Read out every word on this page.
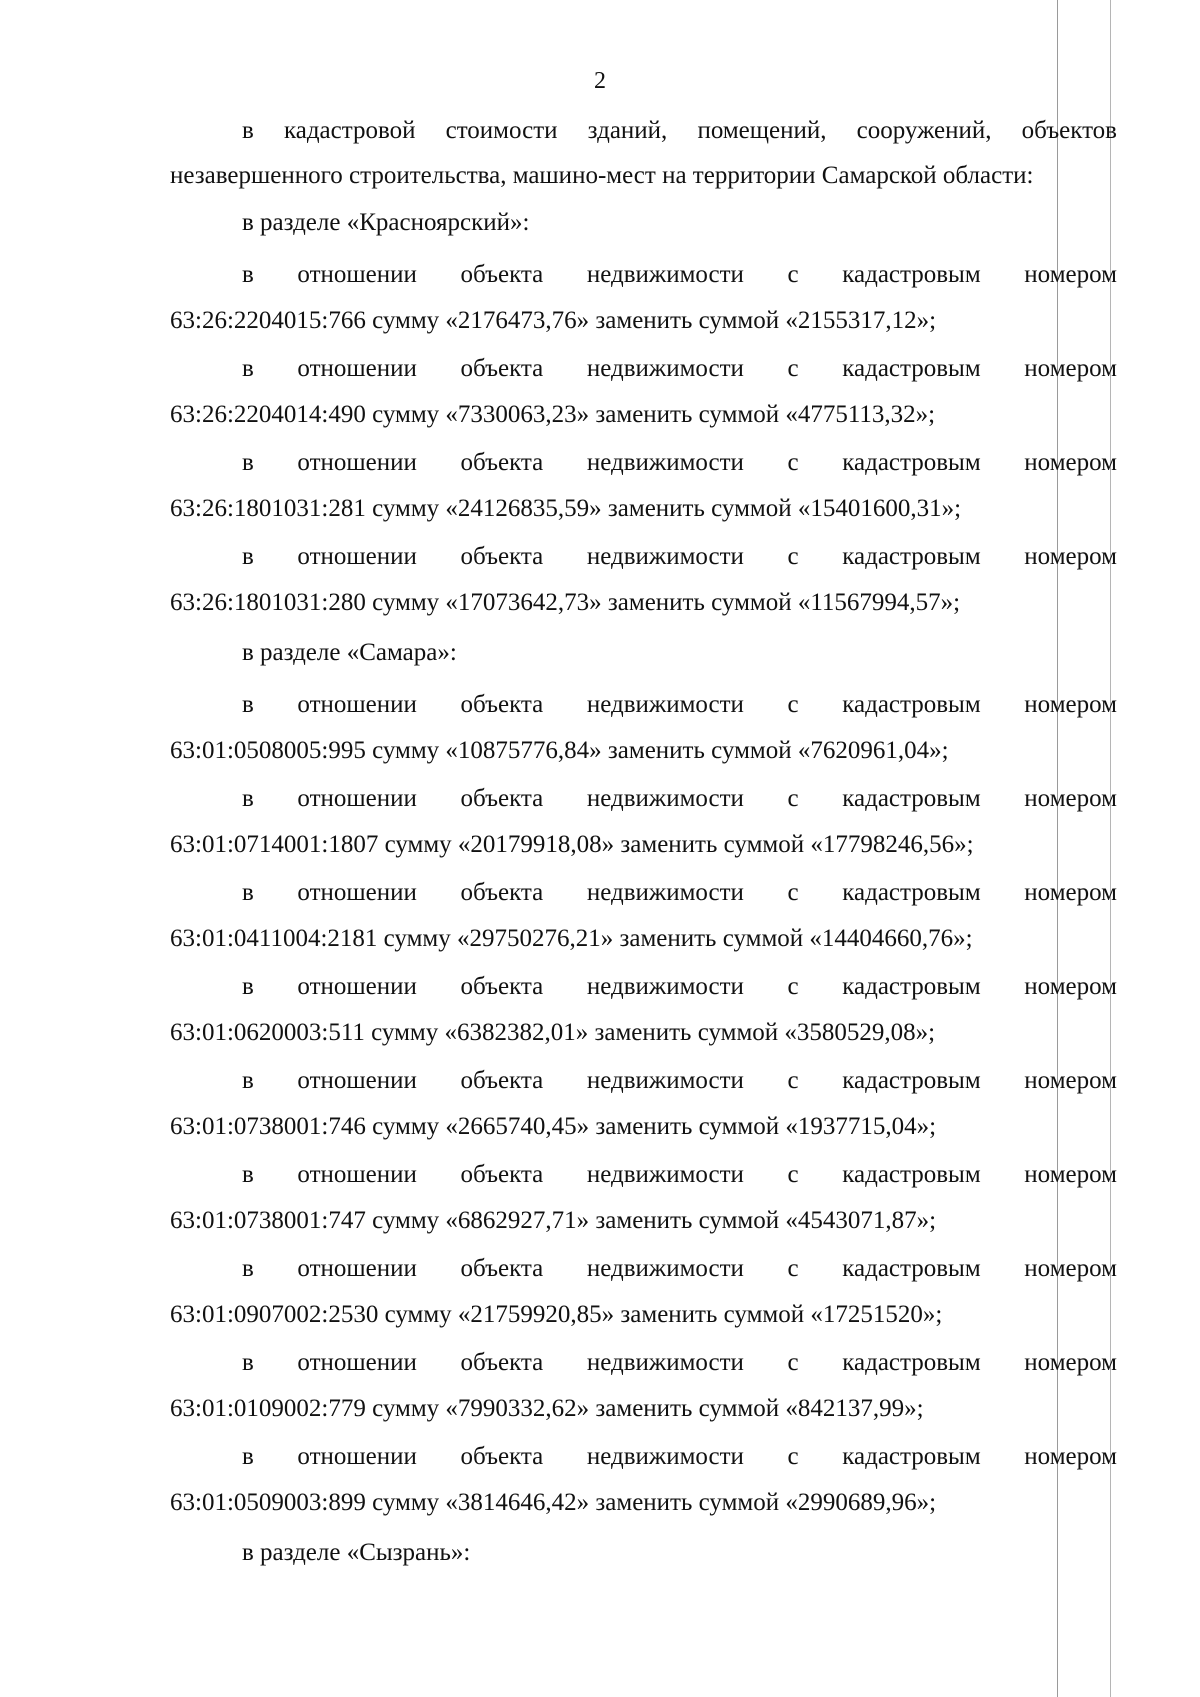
2

в кадастровой стоимости зданий, помещений, сооружений, объектов незавершенного строительства, машино-мест на территории Самарской области:

в разделе «Красноярский»:

в отношении объекта недвижимости с кадастровым номером
63:26:2204015:766 сумму «2176473,76» заменить суммой «2155317,12»;
в отношении объекта недвижимости с кадастровым номером
63:26:2204014:490 сумму «7330063,23» заменить суммой «4775113,32»;
в отношении объекта недвижимости с кадастровым номером
63:26:1801031:281 сумму «24126835,59» заменить суммой «15401600,31»;
в отношении объекта недвижимости с кадастровым номером
63:26:1801031:280 сумму «17073642,73» заменить суммой «11567994,57»;

в разделе «Самара»:

в отношении объекта недвижимости с кадастровым номером
63:01:0508005:995 сумму «10875776,84» заменить суммой «7620961,04»;
в отношении объекта недвижимости с кадастровым номером
63:01:0714001:1807 сумму «20179918,08» заменить суммой «17798246,56»;
в отношении объекта недвижимости с кадастровым номером
63:01:0411004:2181 сумму «29750276,21» заменить суммой «14404660,76»;
в отношении объекта недвижимости с кадастровым номером
63:01:0620003:511 сумму «6382382,01» заменить суммой «3580529,08»;
в отношении объекта недвижимости с кадастровым номером
63:01:0738001:746 сумму «2665740,45» заменить суммой «1937715,04»;
в отношении объекта недвижимости с кадастровым номером
63:01:0738001:747 сумму «6862927,71» заменить суммой «4543071,87»;
в отношении объекта недвижимости с кадастровым номером
63:01:0907002:2530 сумму «21759920,85» заменить суммой «17251520»;
в отношении объекта недвижимости с кадастровым номером
63:01:0109002:779 сумму «7990332,62» заменить суммой «842137,99»;
в отношении объекта недвижимости с кадастровым номером
63:01:0509003:899 сумму «3814646,42» заменить суммой «2990689,96»;

в разделе «Сызрань»:
